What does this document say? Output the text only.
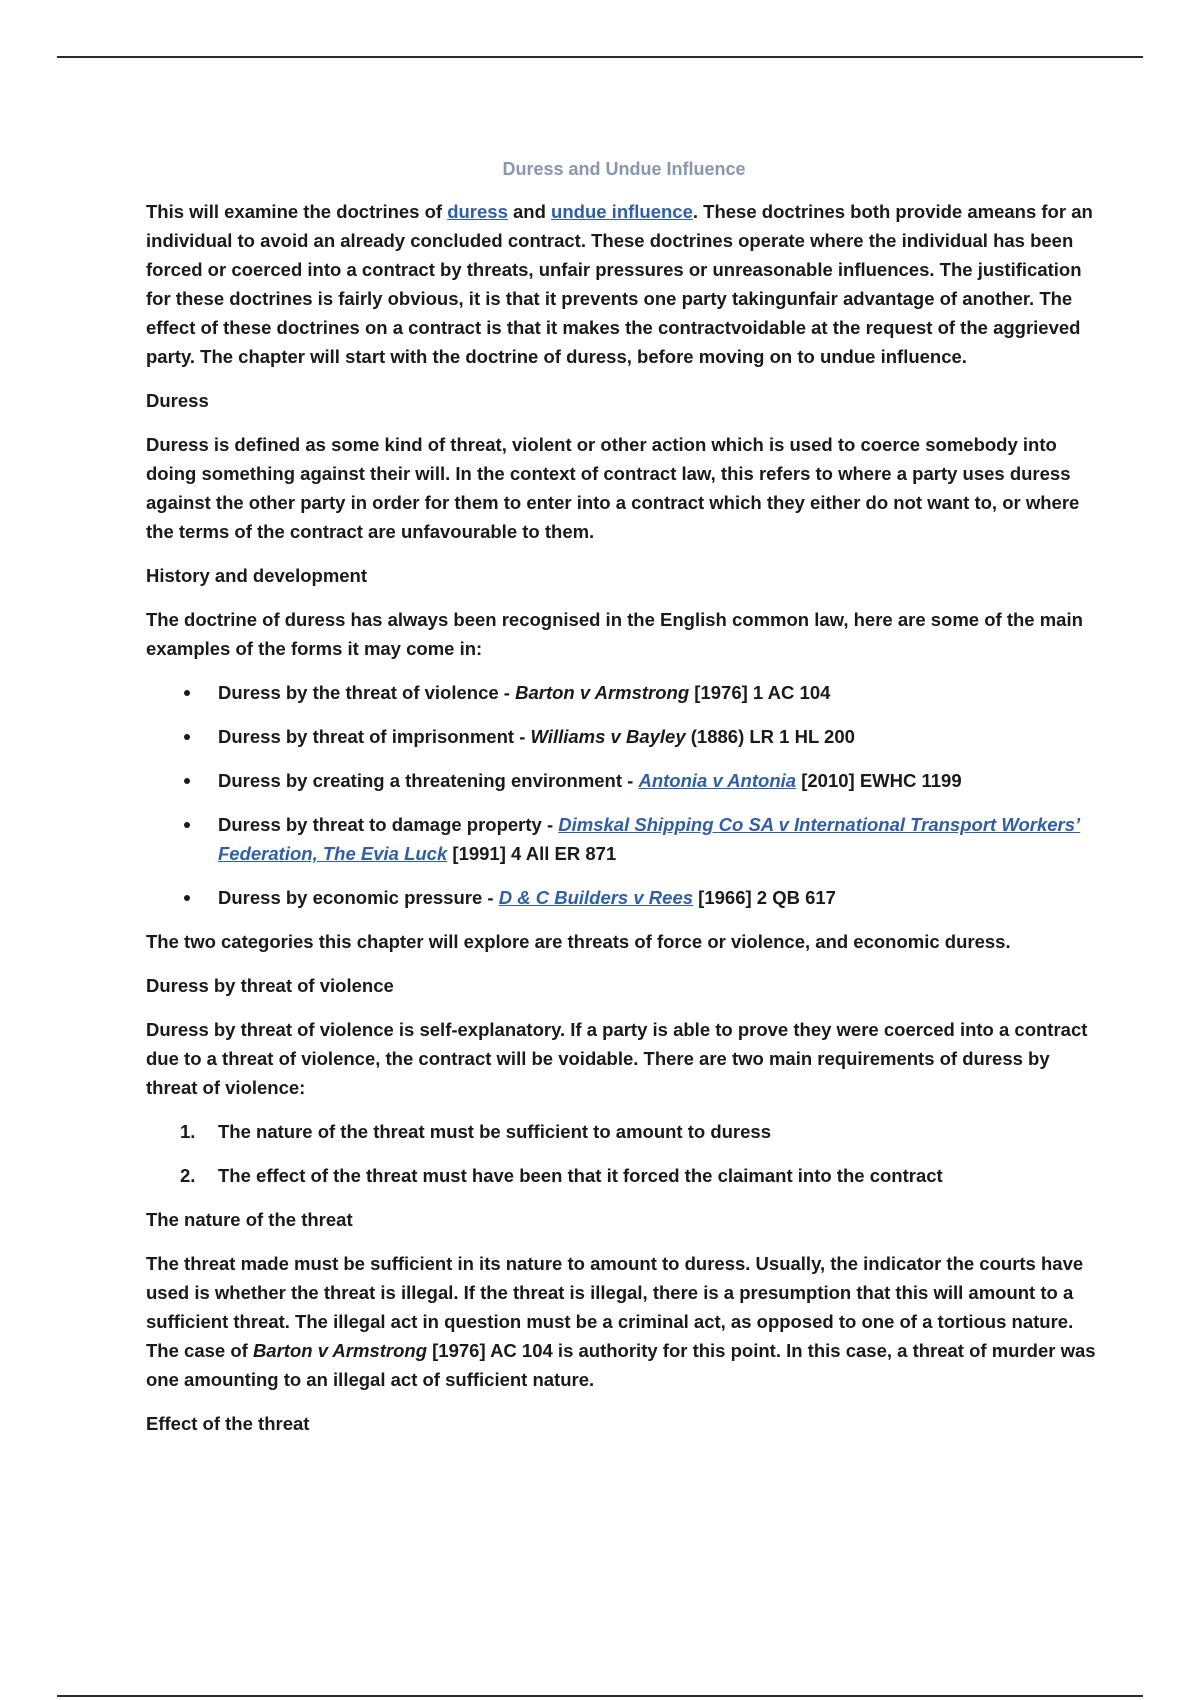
Duress and Undue Influence

This will examine the doctrines of duress and undue influence. These doctrines both provide ameans for an individual to avoid an already concluded contract. These doctrines operate where the individual has been forced or coerced into a contract by threats, unfair pressures or unreasonable influences. The justification for these doctrines is fairly obvious, it is that it prevents one party takingunfair advantage of another. The effect of these doctrines on a contract is that it makes the contractvoidable at the request of the aggrieved party. The chapter will start with the doctrine of duress, before moving on to undue influence.

Duress

Duress is defined as some kind of threat, violent or other action which is used to coerce somebody into doing something against their will. In the context of contract law, this refers to where a party uses duress against the other party in order for them to enter into a contract which they either do not want to, or where the terms of the contract are unfavourable to them.

History and development

The doctrine of duress has always been recognised in the English common law, here are some of the main examples of the forms it may come in:

Duress by the threat of violence - Barton v Armstrong [1976] 1 AC 104
Duress by threat of imprisonment - Williams v Bayley (1886) LR 1 HL 200
Duress by creating a threatening environment - Antonia v Antonia [2010] EWHC 1199
Duress by threat to damage property - Dimskal Shipping Co SA v International Transport Workers’ Federation, The Evia Luck [1991] 4 All ER 871
Duress by economic pressure - D & C Builders v Rees [1966] 2 QB 617

The two categories this chapter will explore are threats of force or violence, and economic duress.

Duress by threat of violence

Duress by threat of violence is self-explanatory. If a party is able to prove they were coerced into a contract due to a threat of violence, the contract will be voidable. There are two main requirements of duress by threat of violence:

1. The nature of the threat must be sufficient to amount to duress
2. The effect of the threat must have been that it forced the claimant into the contract
The nature of the threat

The threat made must be sufficient in its nature to amount to duress. Usually, the indicator the courts have used is whether the threat is illegal. If the threat is illegal, there is a presumption that this will amount to a sufficient threat. The illegal act in question must be a criminal act, as opposed to one of a tortious nature. The case of Barton v Armstrong [1976] AC 104 is authority for this point. In this case, a threat of murder was one amounting to an illegal act of sufficient nature.

Effect of the threat
